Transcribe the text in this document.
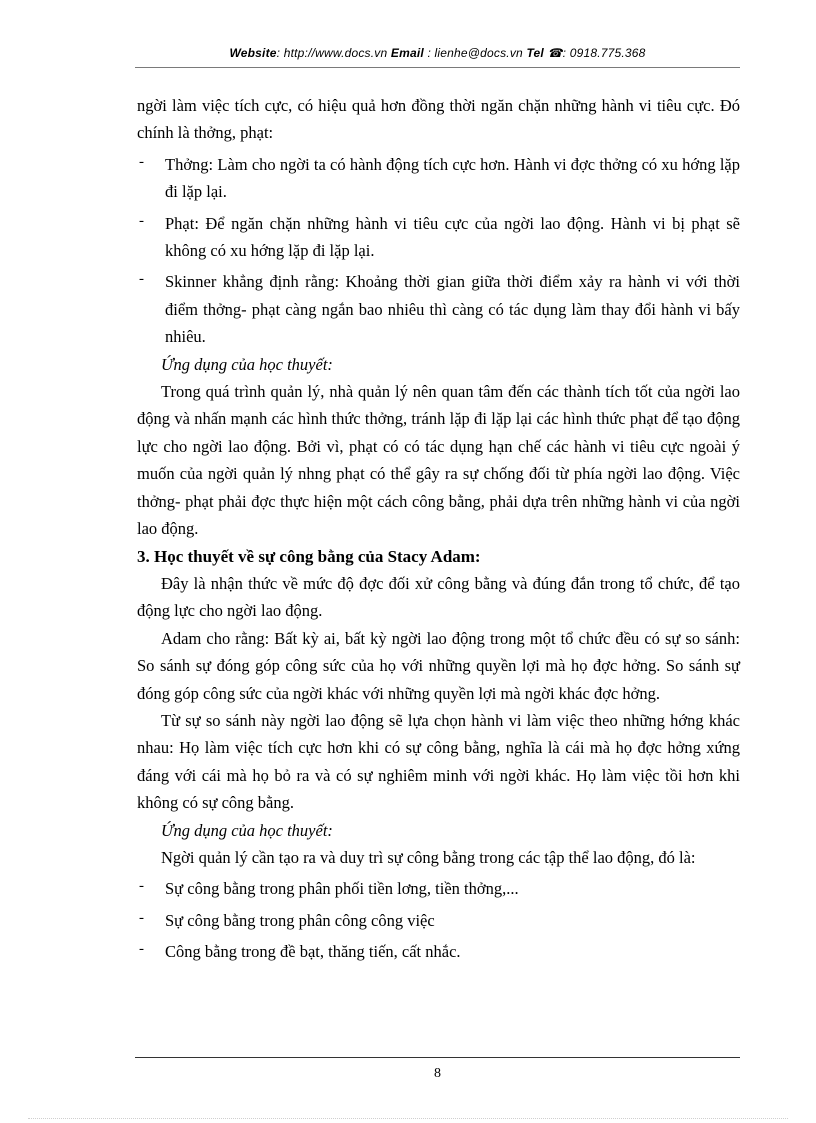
Website: http://www.docs.vn Email : lienhe@docs.vn Tel ☎: 0918.775.368

ngời làm việc tích cực, có hiệu quả hơn đồng thời ngăn chặn những hành vi tiêu cực. Đó chính là thởng, phạt:

- Thởng: Làm cho ngời ta có hành động tích cực hơn. Hành vi đợc thởng có xu hớng lặp đi lặp lại.
- Phạt: Để ngăn chặn những hành vi tiêu cực của ngời lao động. Hành vi bị phạt sẽ không có xu hớng lặp đi lặp lại.
- Skinner khẳng định rằng: Khoảng thời gian giữa thời điểm xảy ra hành vi với thời điểm thởng- phạt càng ngắn bao nhiêu thì càng có tác dụng làm thay đổi hành vi bấy nhiêu.

Ứng dụng của học thuyết:

Trong quá trình quản lý, nhà quản lý nên quan tâm đến các thành tích tốt của ngời lao động và nhấn mạnh các hình thức thởng, tránh lặp đi lặp lại các hình thức phạt để tạo động lực cho ngời lao động. Bởi vì, phạt có có tác dụng hạn chế các hành vi tiêu cực ngoài ý muốn của ngời quản lý nhng phạt có thể gây ra sự chống đối từ phía ngời lao động. Việc thởng- phạt phải đợc thực hiện một cách công bằng, phải dựa trên những hành vi của ngời lao động.

3. Học thuyết về sự công bằng của Stacy Adam:

Đây là nhận thức về mức độ đợc đối xử công bằng và đúng đắn trong tổ chức, để tạo động lực cho ngời lao động.

Adam cho rằng: Bất kỳ ai, bất kỳ ngời lao động trong một tổ chức đều có sự so sánh: So sánh sự đóng góp công sức của họ với những quyền lợi mà họ đợc hởng. So sánh sự đóng góp công sức của ngời khác với những quyền lợi mà ngời khác đợc hởng.

Từ sự so sánh này ngời lao động sẽ lựa chọn hành vi làm việc theo những hớng khác nhau: Họ làm việc tích cực hơn khi có sự công bằng, nghĩa là cái mà họ đợc hởng xứng đáng với cái mà họ bỏ ra và có sự nghiêm minh với ngời khác. Họ làm việc tồi hơn khi không có sự công bằng.

Ứng dụng của học thuyết:

Ngời quản lý cần tạo ra và duy trì sự công bằng trong các tập thể lao động, đó là:

- Sự công bằng trong phân phối tiền lơng, tiền thởng,...
- Sự công bằng trong phân công công việc
- Công bằng trong đề bạt, thăng tiến, cất nhắc.
8
